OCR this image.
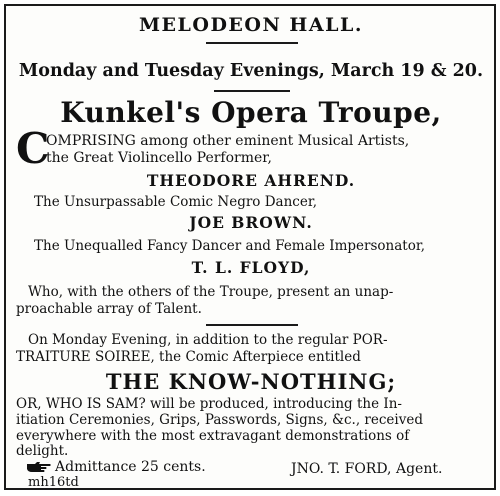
MELODEON HALL.
Monday and Tuesday Evenings, March 19 & 20.
Kunkel's Opera Troupe,
C
OMPRISING among other eminent Musical Artists,
the Great Violincello Performer,
THEODORE AHREND.
The Unsurpassable Comic Negro Dancer,
JOE BROWN.
The Unequalled Fancy Dancer and Female Impersonator,
T. L. FLOYD,
Who, with the others of the Troupe, present an unap-
proachable array of Talent.
On Monday Evening, in addition to the regular POR-
TRAITURE SOIREE, the Comic Afterpiece entitled
THE KNOW-NOTHING;
OR, WHO IS SAM? will be produced, introducing the In-
itiation Ceremonies, Grips, Passwords, Signs, &c., received
everywhere with the most extravagant demonstrations of
delight.
Admittance 25 cents.	JNO. T. FORD, Agent.
mh16td
